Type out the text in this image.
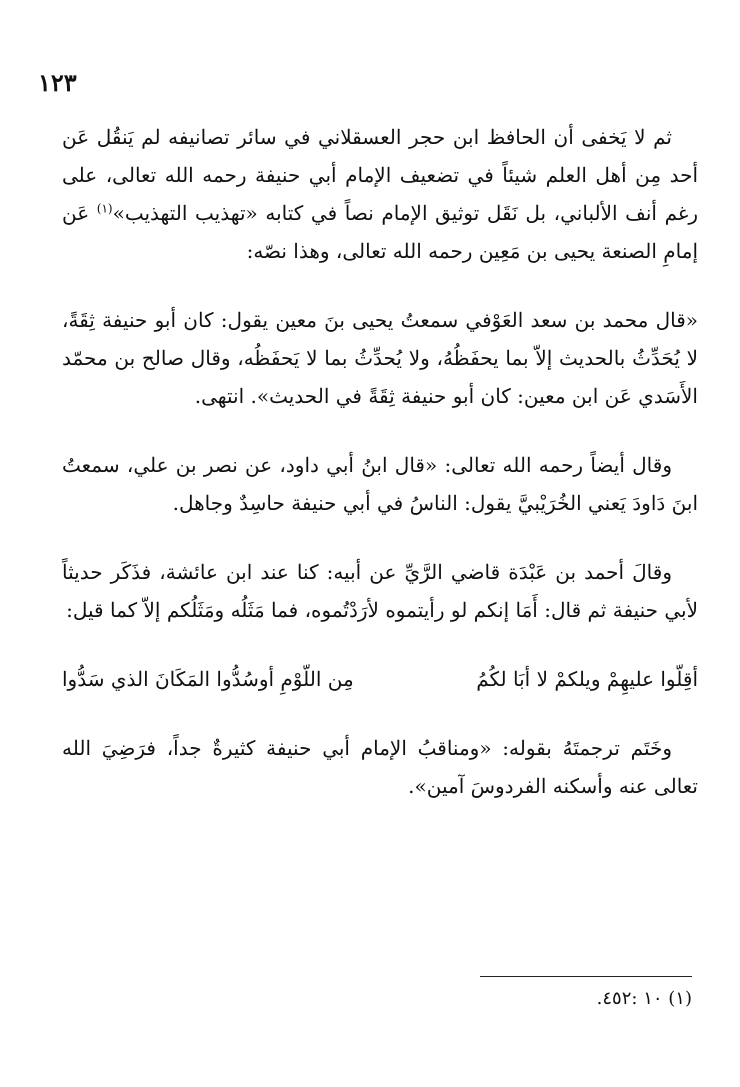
١٢٣

ثم لا يَخفى أن الحافظ ابن حجر العسقلاني في سائر تصانيفه لم يَنقُل عَن أحد مِن أهل العلم شيئاً في تضعيف الإمام أبي حنيفة رحمه الله تعالى، على رغم أنف الألباني، بل نَقَل توثيق الإمام نصاً في كتابه «تهذيب التهذيب»$^{(١)}$ عَن إمامِ الصنعة يحيى بن مَعِين رحمه الله تعالى، وهذا نصّه:

«قال محمد بن سعد العَوْفي سمعتُ يحيى بنَ معين يقول: كان أبو حنيفة ثِقَةً، لا يُحَدِّثُ بالحديث إلاّ بما يحفَظُهُ، ولا يُحدِّثُ بما لا يَحفَظُه، وقال صالح بن محمّد الأَسَدي عَن ابن معين: كان أبو حنيفة ثِقَةً في الحديث». انتهى.

وقال أيضاً رحمه الله تعالى: «قال ابنُ أبي داود، عن نصر بن علي، سمعتُ ابنَ دَاودَ يَعني الخُرَيْبيَّ يقول: الناسُ في أبي حنيفة حاسِدٌ وجاهل.

وقالَ أحمد بن عَبْدَة قاضي الرَّيِّ عن أبيه: كنا عند ابن عائشة، فذَكَر حديثاً لأبي حنيفة ثم قال: أَمَا إنكم لو رأيتموه لأرَدْتُموه، فما مَثَلُه ومَثَلُكم إلاّ كما قيل:

أقِلّوا عليهِمْ ويلكمْ لا أبَا لكُمُ
مِن اللّوْمِ أوسُدُّوا المَكَانَ الذي سَدُّوا

وخَتَم ترجمتَهُ بقوله: «ومناقبُ الإمام أبي حنيفة كثيرةٌ جداً، فرَضِيَ الله تعالى عنه وأسكنه الفردوسَ آمين».

(١) ١٠ :٤٥٢.
